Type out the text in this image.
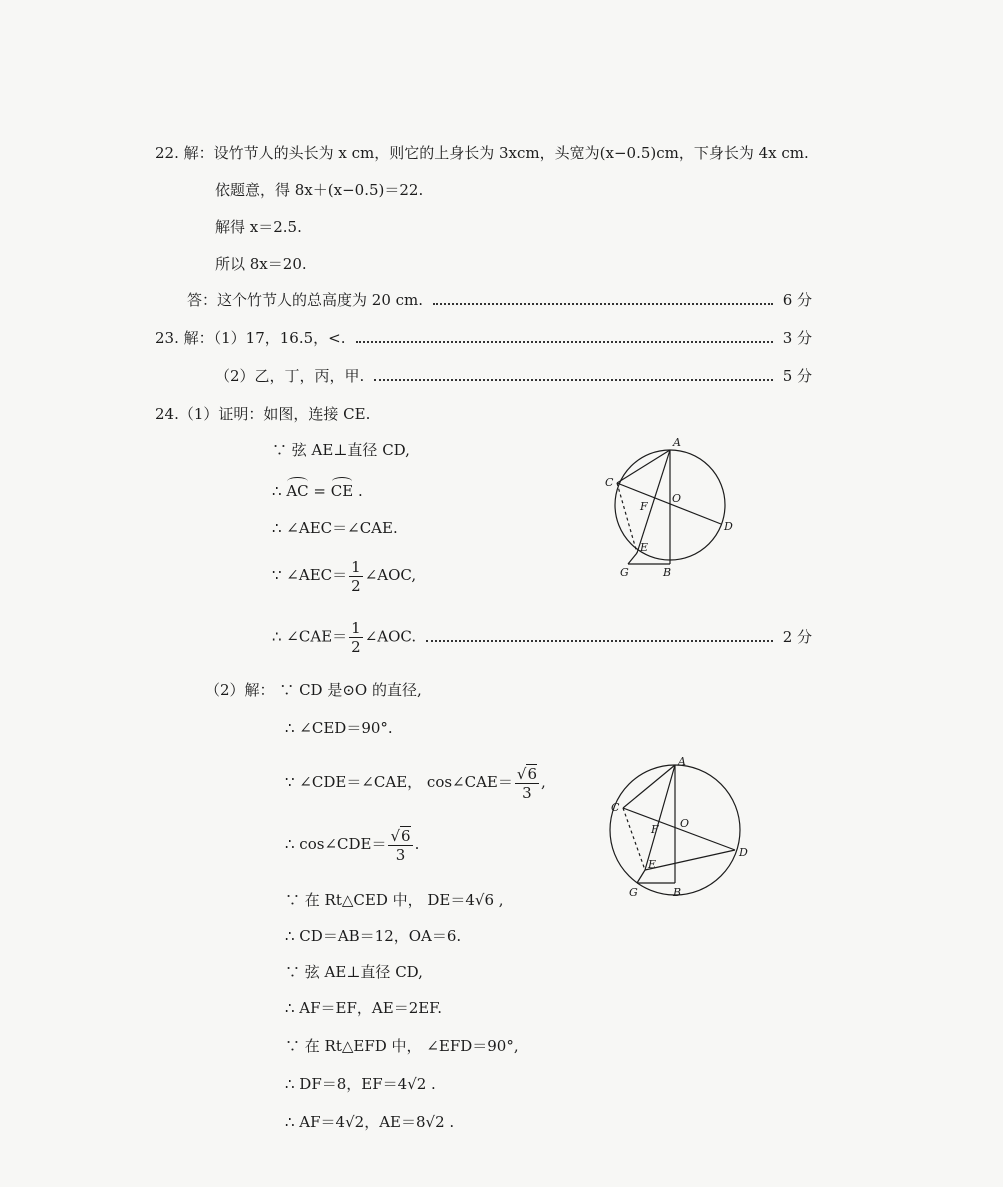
22. 解：设竹节人的头长为 x cm，则它的上身长为 3xcm，头宽为(x−0.5)cm，下身长为 4x cm.
依题意，得 8x＋(x−0.5)＝22.
解得 x＝2.5.
所以 8x＝20.
答：这个竹节人的总高度为 20 cm.	6 分
23. 解：（1）17，16.5，<.	3 分
（2）乙，丁，丙，甲.	5 分
24.（1）证明：如图，连接 CE.
∵ 弦 AE⊥直径 CD,
∴ AC = CE .
∴ ∠AEC＝∠CAE.
∵ ∠AEC＝ $\frac{1}{2}$ ∠AOC,
∴ ∠CAE＝ $\frac{1}{2}$ ∠AOC.	2 分
A
C
F
O
D
E
G	B
（2）解： ∵ CD 是⊙O 的直径,
∴ ∠CED＝90°.
∵ ∠CDE＝∠CAE， cos∠CAE＝ $\frac{√6}{3}$ ,
∴ cos∠CDE＝ $\frac{√6}{3}$ .
∵ 在 Rt△CED 中， DE＝4√6 ,
∴ CD＝AB＝12，OA＝6.
∵ 弦 AE⊥直径 CD,
∴ AF＝EF，AE＝2EF.
∵ 在 Rt△EFD 中， ∠EFD＝90°,
∴ DF＝8，EF＝4√2 .
∴ AF＝4√2，AE＝8√2 .
A
C
F O
D
E
G	B
